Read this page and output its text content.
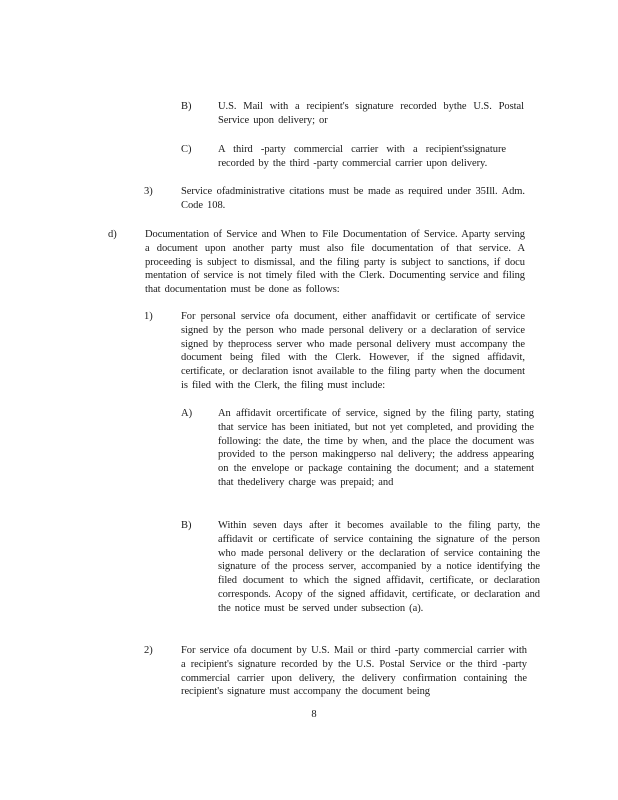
B)	U.S. Mail with a recipient's signature recorded bythe U.S. Postal Service upon delivery; or
C)	A third -party commercial carrier with a recipient'ssignature recorded by the third -party commercial carrier upon delivery.
3)	Service ofadministrative citations must be made as required under 35Ill. Adm. Code 108.
d)	Documentation of Service and When to File Documentation of Service. Aparty serving a document upon another party must also file documentation of that service. A proceeding is subject to dismissal, and the filing party is subject to sanctions, if docu mentation of service is not timely filed with the Clerk. Documenting service and filing that documentation must be done as follows:
1)	For personal service ofa document, either anaffidavit or certificate of service signed by the person who made personal delivery or a declaration of service signed by theprocess server who made personal delivery must accompany the document being filed with the Clerk. However, if the signed affidavit, certificate, or declaration isnot available to the filing party when the document is filed with the Clerk, the filing must include:
A) An affidavit orcertificate of service, signed by the filing party, stating that service has been initiated, but not yet completed, and providing the following: the date, the time by when, and the place the document was provided to the person makingperso nal delivery; the address appearing on the envelope or package containing the document; and a statement that thedelivery charge was prepaid; and
B)	Within seven days after it becomes available to the filing party, the affidavit or certificate of service containing the signature of the person who made personal delivery or the declaration of service containing the signature of the process server, accompanied by a notice identifying the filed document to which the signed affidavit, certificate, or declaration corresponds. Acopy of the signed affidavit, certificate, or declaration and the notice must be served under subsection (a).
2)	For service ofa document by U.S. Mail or third -party commercial carrier with a recipient's signature recorded by the U.S. Postal Service or the third -party commercial carrier upon delivery, the delivery confirmation containing the recipient's signature must accompany the document being
8
